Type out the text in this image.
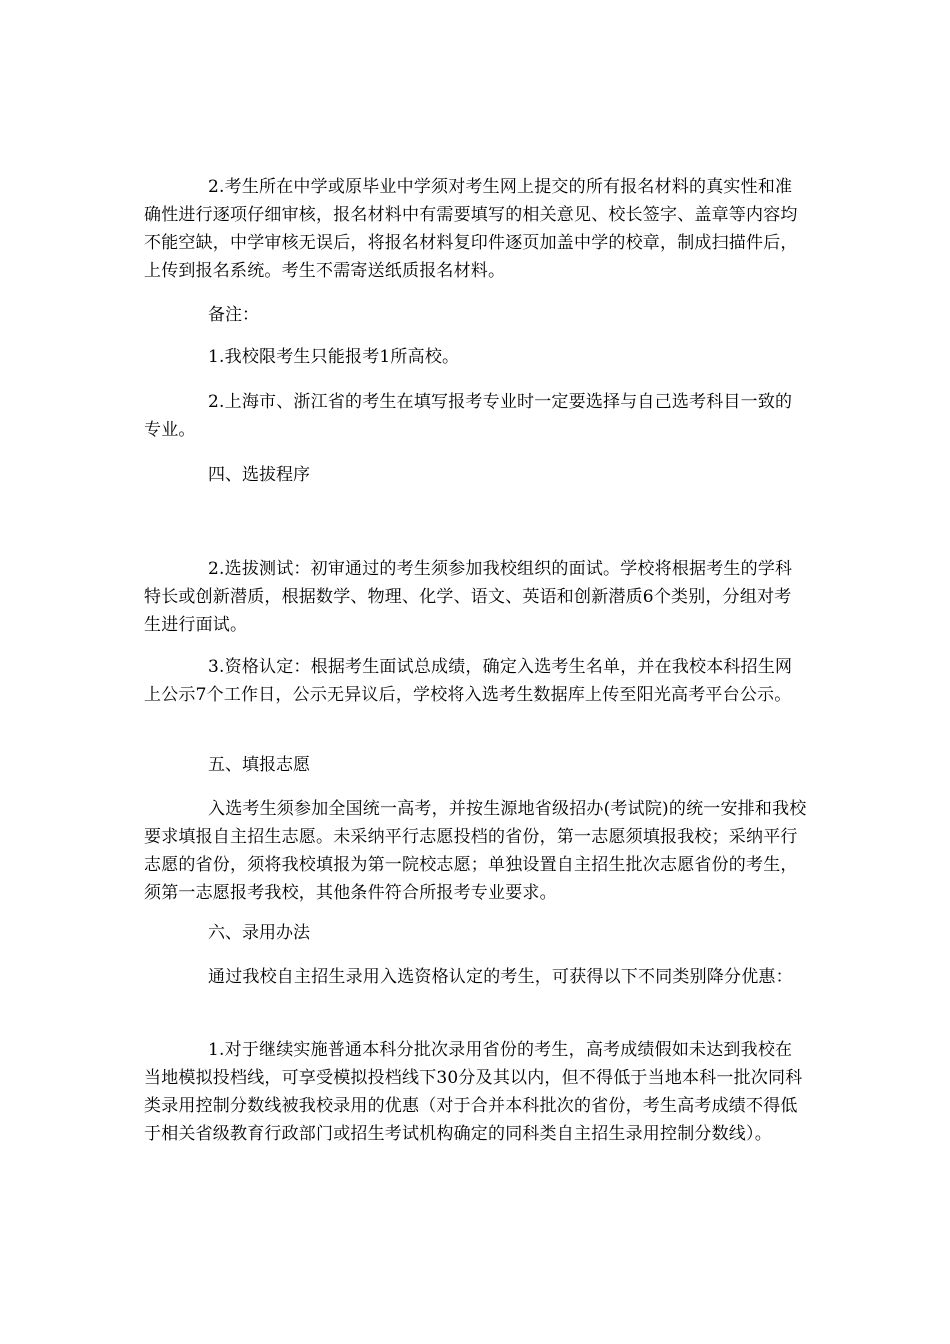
2.考生所在中学或原毕业中学须对考生网上提交的所有报名材料的真实性和准确性进行逐项仔细审核，报名材料中有需要填写的相关意见、校长签字、盖章等内容均不能空缺，中学审核无误后，将报名材料复印件逐页加盖中学的校章，制成扫描件后，上传到报名系统。考生不需寄送纸质报名材料。

备注：

1.我校限考生只能报考1所高校。

2.上海市、浙江省的考生在填写报考专业时一定要选择与自己选考科目一致的专业。

四、选拔程序

2.选拔测试：初审通过的考生须参加我校组织的面试。学校将根据考生的学科特长或创新潜质，根据数学、物理、化学、语文、英语和创新潜质6个类别，分组对考生进行面试。

3.资格认定：根据考生面试总成绩，确定入选考生名单，并在我校本科招生网上公示7个工作日，公示无异议后，学校将入选考生数据库上传至阳光高考平台公示。

五、填报志愿

入选考生须参加全国统一高考，并按生源地省级招办(考试院)的统一安排和我校要求填报自主招生志愿。未采纳平行志愿投档的省份，第一志愿须填报我校；采纳平行志愿的省份，须将我校填报为第一院校志愿；单独设置自主招生批次志愿省份的考生，须第一志愿报考我校，其他条件符合所报考专业要求。

六、录用办法

通过我校自主招生录用入选资格认定的考生，可获得以下不同类别降分优惠：

1.对于继续实施普通本科分批次录用省份的考生，高考成绩假如未达到我校在当地模拟投档线，可享受模拟投档线下30分及其以内，但不得低于当地本科一批次同科类录用控制分数线被我校录用的优惠（对于合并本科批次的省份，考生高考成绩不得低于相关省级教育行政部门或招生考试机构确定的同科类自主招生录用控制分数线）。
